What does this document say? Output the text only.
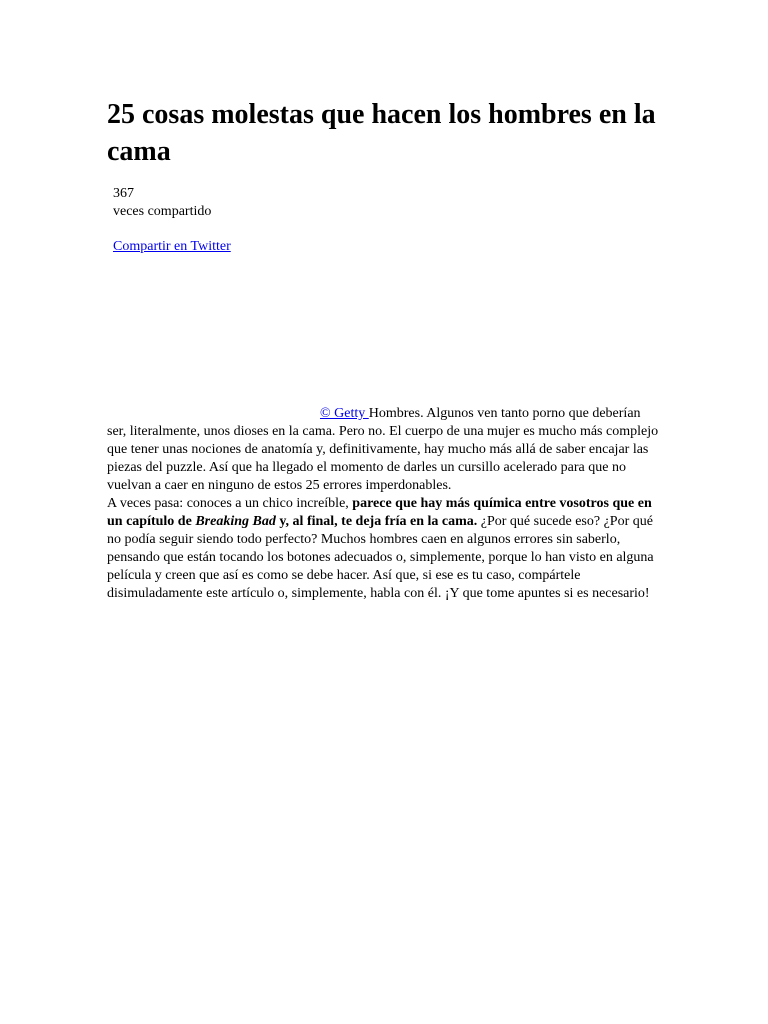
25 cosas molestas que hacen los hombres en la cama
367
veces compartido
Compartir en Twitter

© Getty Hombres. Algunos ven tanto porno que deberían ser, literalmente, unos dioses en la cama. Pero no. El cuerpo de una mujer es mucho más complejo que tener unas nociones de anatomía y, definitivamente, hay mucho más allá de saber encajar las piezas del puzzle. Así que ha llegado el momento de darles un cursillo acelerado para que no vuelvan a caer en ninguno de estos 25 errores imperdonables.

A veces pasa: conoces a un chico increíble, parece que hay más química entre vosotros que en un capítulo de Breaking Bad y, al final, te deja fría en la cama. ¿Por qué sucede eso? ¿Por qué no podía seguir siendo todo perfecto? Muchos hombres caen en algunos errores sin saberlo, pensando que están tocando los botones adecuados o, simplemente, porque lo han visto en alguna película y creen que así es como se debe hacer. Así que, si ese es tu caso, compártele disimuladamente este artículo o, simplemente, habla con él. ¡Y que tome apuntes si es necesario!
